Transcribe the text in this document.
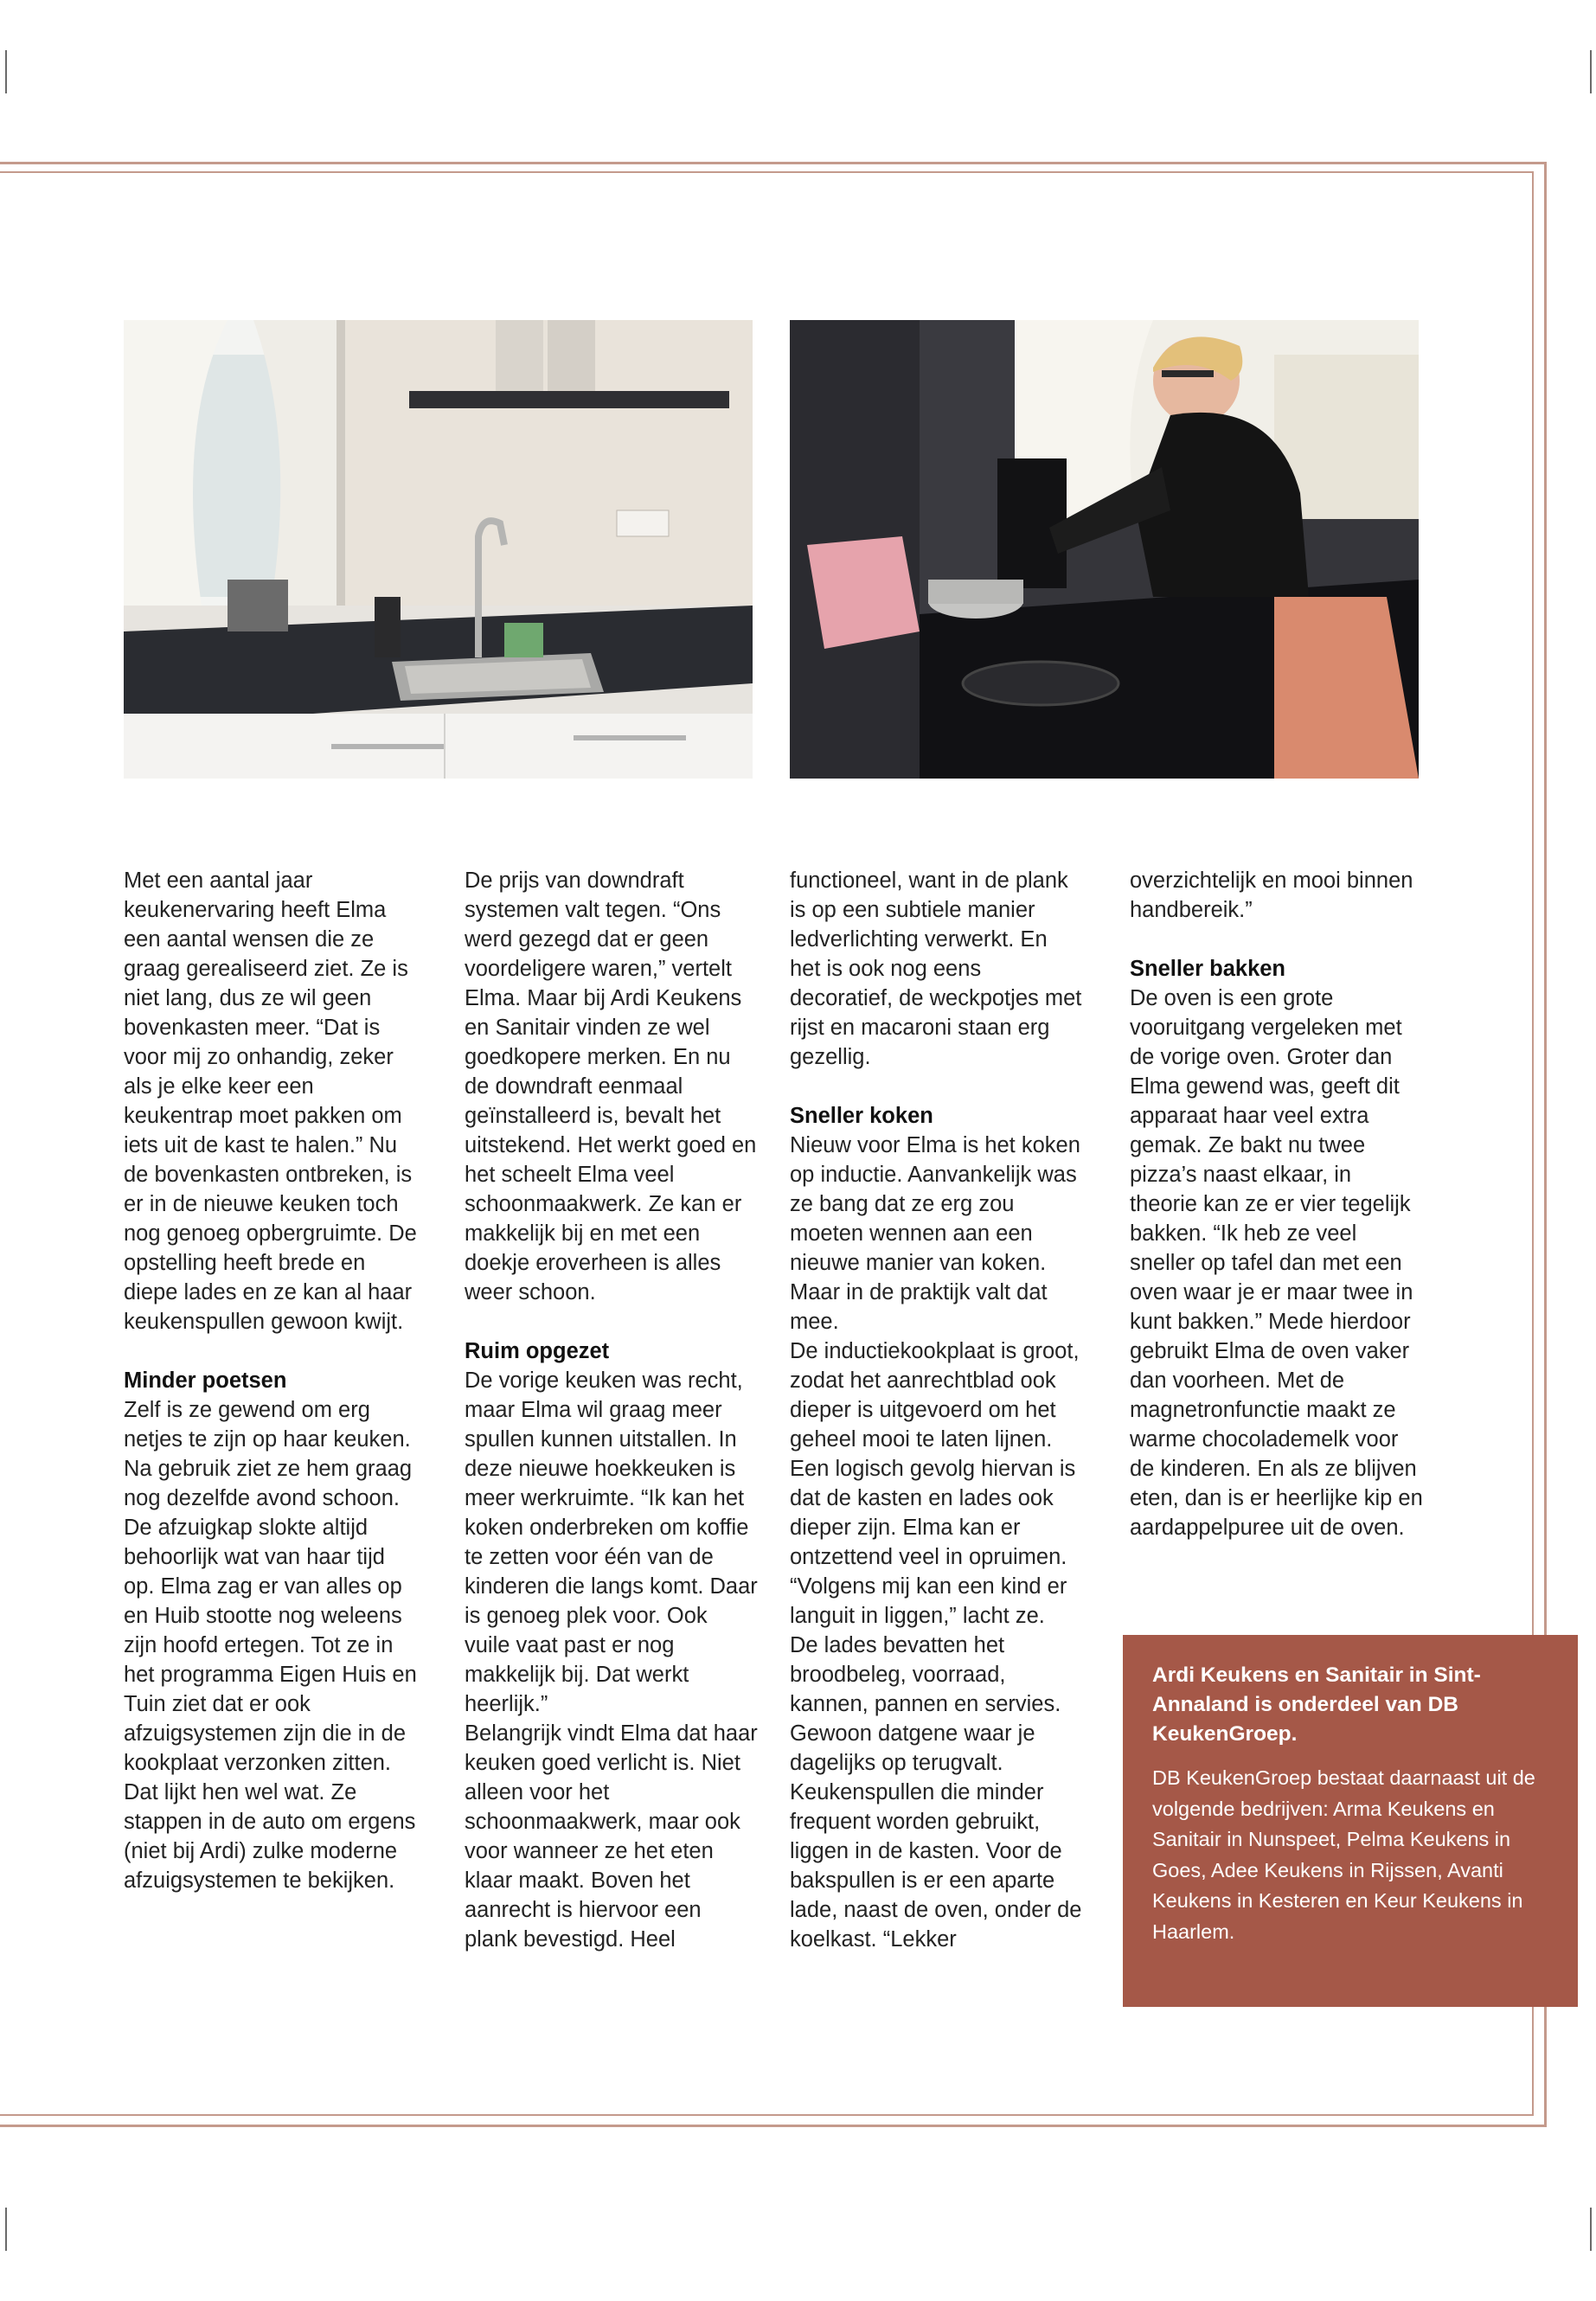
Met een aantal jaar keukenervaring heeft Elma een aantal wensen die ze graag gerealiseerd ziet. Ze is niet lang, dus ze wil geen bovenkasten meer. “Dat is voor mij zo onhandig, zeker als je elke keer een keukentrap moet pakken om iets uit de kast te halen.” Nu de bovenkasten ontbreken, is er in de nieuwe keuken toch nog genoeg opbergruimte. De opstelling heeft brede en diepe lades en ze kan al haar keukenspullen gewoon kwijt.

Minder poetsen

Zelf is ze gewend om erg netjes te zijn op haar keuken. Na gebruik ziet ze hem graag nog dezelfde avond schoon. De afzuigkap slokte altijd behoorlijk wat van haar tijd op. Elma zag er van alles op en Huib stootte nog weleens zijn hoofd ertegen. Tot ze in het programma Eigen Huis en Tuin ziet dat er ook afzuigsystemen zijn die in de kookplaat verzonken zitten. Dat lijkt hen wel wat. Ze stappen in de auto om ergens (niet bij Ardi) zulke moderne afzuigsystemen te bekijken.

De prijs van downdraft systemen valt tegen. “Ons werd gezegd dat er geen voordeligere waren,” vertelt Elma. Maar bij Ardi Keukens en Sanitair vinden ze wel goedkopere merken. En nu de downdraft eenmaal geïnstalleerd is, bevalt het uitstekend. Het werkt goed en het scheelt Elma veel schoonmaakwerk. Ze kan er makkelijk bij en met een doekje eroverheen is alles weer schoon.

Ruim opgezet

De vorige keuken was recht, maar Elma wil graag meer spullen kunnen uitstallen. In deze nieuwe hoekkeuken is meer werkruimte. “Ik kan het koken onderbreken om koffie te zetten voor één van de kinderen die langs komt. Daar is genoeg plek voor. Ook vuile vaat past er nog makkelijk bij. Dat werkt heerlijk.”

Belangrijk vindt Elma dat haar keuken goed verlicht is. Niet alleen voor het schoonmaakwerk, maar ook voor wanneer ze het eten klaar maakt. Boven het aanrecht is hiervoor een plank bevestigd. Heel

functioneel, want in de plank is op een subtiele manier ledverlichting verwerkt. En het is ook nog eens decoratief, de weckpotjes met rijst en macaroni staan erg gezellig.

Sneller koken

Nieuw voor Elma is het koken op inductie. Aanvankelijk was ze bang dat ze erg zou moeten wennen aan een nieuwe manier van koken. Maar in de praktijk valt dat mee.

De inductiekookplaat is groot, zodat het aanrechtblad ook dieper is uitgevoerd om het geheel mooi te laten lijnen. Een logisch gevolg hiervan is dat de kasten en lades ook dieper zijn. Elma kan er ontzettend veel in opruimen. “Volgens mij kan een kind er languit in liggen,” lacht ze.

De lades bevatten het broodbeleg, voorraad, kannen, pannen en servies. Gewoon datgene waar je dagelijks op terugvalt. Keukenspullen die minder frequent worden gebruikt, liggen in de kasten. Voor de bakspullen is er een aparte lade, naast de oven, onder de koelkast. “Lekker

overzichtelijk en mooi binnen handbereik.”

Sneller bakken

De oven is een grote vooruitgang vergeleken met de vorige oven. Groter dan Elma gewend was, geeft dit apparaat haar veel extra gemak. Ze bakt nu twee pizza’s naast elkaar, in theorie kan ze er vier tegelijk bakken. “Ik heb ze veel sneller op tafel dan met een oven waar je er maar twee in kunt bakken.” Mede hierdoor gebruikt Elma de oven vaker dan voorheen. Met de magnetronfunctie maakt ze warme chocolademelk voor de kinderen. En als ze blijven eten, dan is er heerlijke kip en aardappelpuree uit de oven.

Ardi Keukens en Sanitair in Sint-Annaland is onderdeel van DB KeukenGroep.

DB KeukenGroep bestaat daarnaast uit de volgende bedrijven: Arma Keukens en Sanitair in Nunspeet, Pelma Keukens in Goes, Adee Keukens in Rijssen, Avanti Keukens in Kesteren en Keur Keukens in Haarlem.
